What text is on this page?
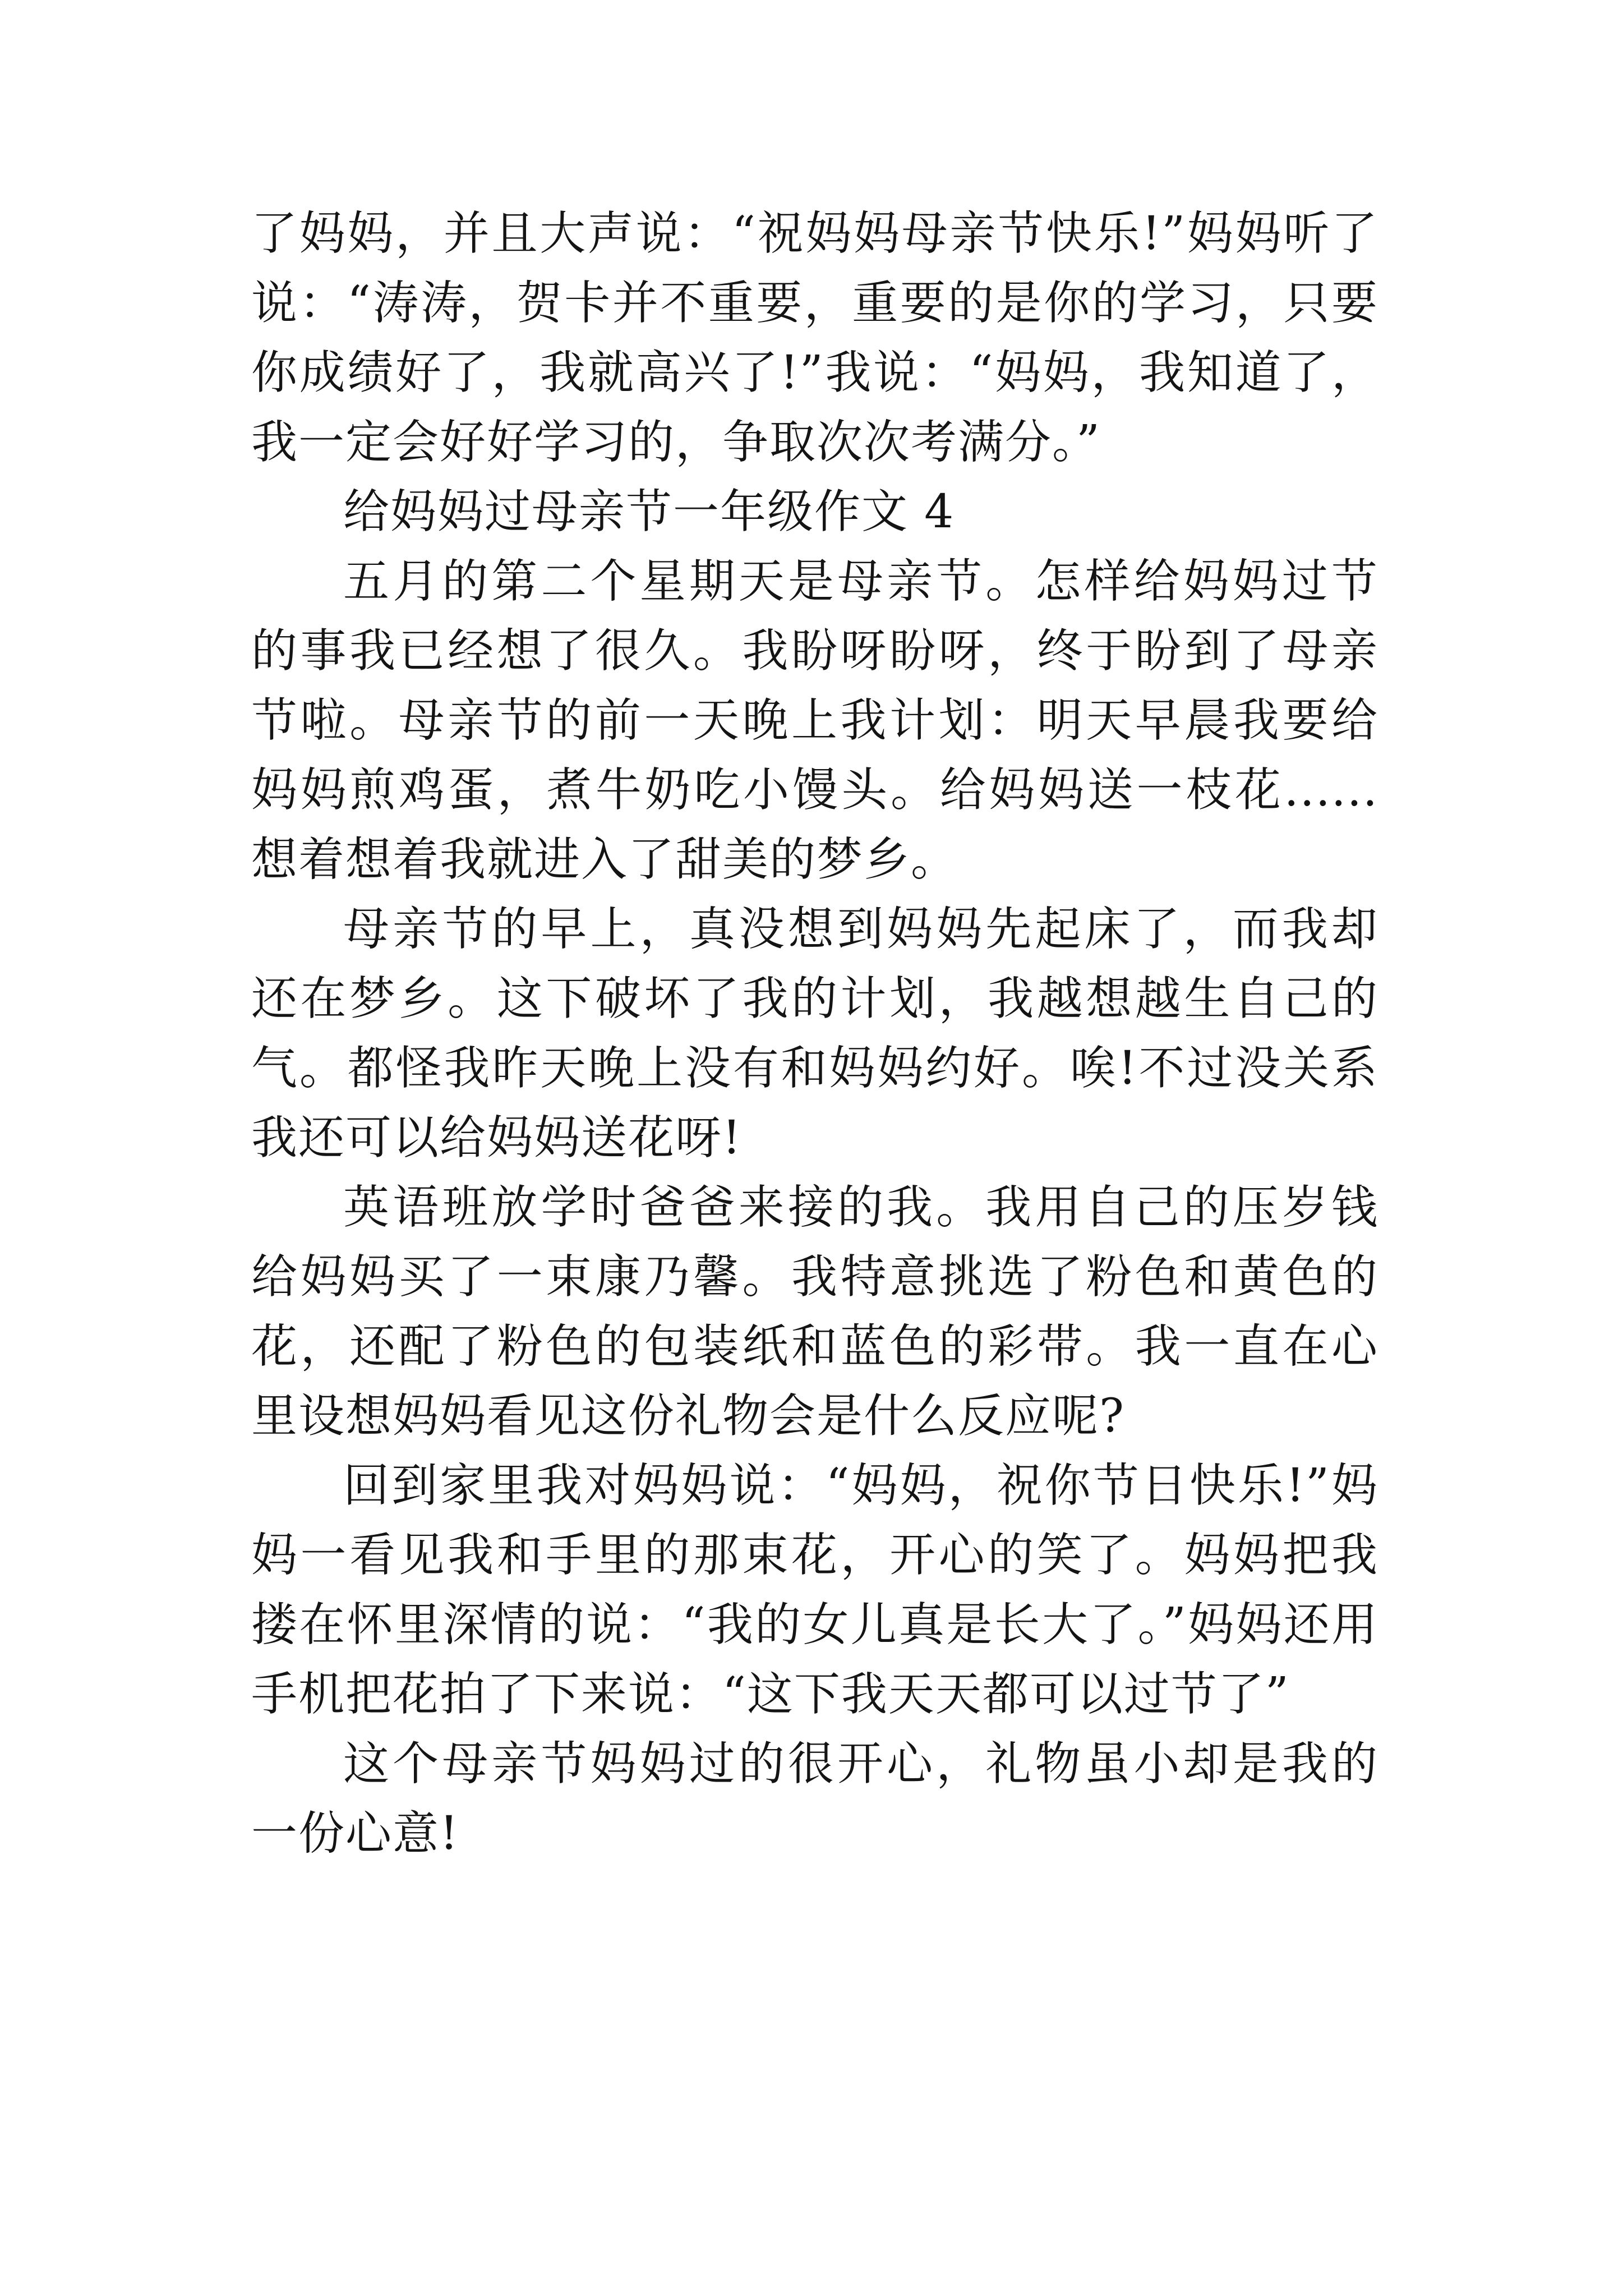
了妈妈，并且大声说：“祝妈妈母亲节快乐!”妈妈听了说：“涛涛，贺卡并不重要，重要的是你的学习，只要你成绩好了，我就高兴了!”我说：“妈妈，我知道了，我一定会好好学习的，争取次次考满分。”

给妈妈过母亲节一年级作文 4

五月的第二个星期天是母亲节。怎样给妈妈过节的事我已经想了很久。我盼呀盼呀，终于盼到了母亲节啦。母亲节的前一天晚上我计划：明天早晨我要给妈妈煎鸡蛋，煮牛奶吃小馒头。给妈妈送一枝花......想着想着我就进入了甜美的梦乡。

母亲节的早上，真没想到妈妈先起床了，而我却还在梦乡。这下破坏了我的计划，我越想越生自己的气。都怪我昨天晚上没有和妈妈约好。唉!不过没关系我还可以给妈妈送花呀!

英语班放学时爸爸来接的我。我用自己的压岁钱给妈妈买了一束康乃馨。我特意挑选了粉色和黄色的花，还配了粉色的包装纸和蓝色的彩带。我一直在心里设想妈妈看见这份礼物会是什么反应呢?

回到家里我对妈妈说：“妈妈，祝你节日快乐!”妈妈一看见我和手里的那束花，开心的笑了。妈妈把我搂在怀里深情的说：“我的女儿真是长大了。”妈妈还用手机把花拍了下来说：“这下我天天都可以过节了”

这个母亲节妈妈过的很开心，礼物虽小却是我的一份心意!
